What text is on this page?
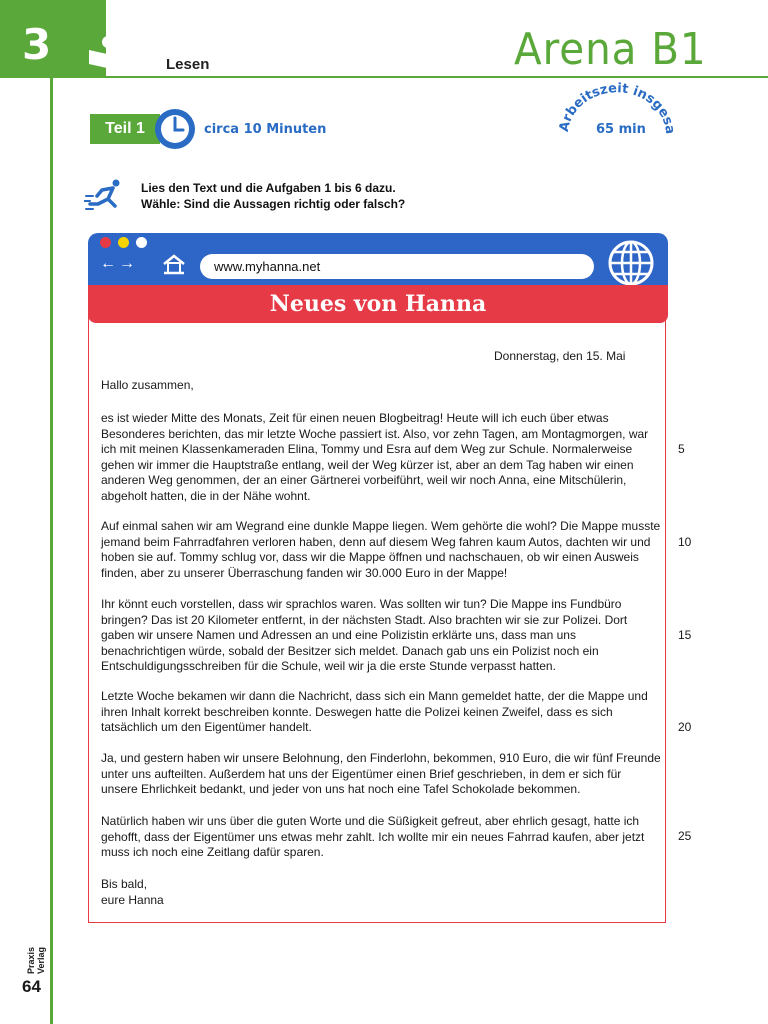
3	Lesen	Arena B1
Teil 1	circa 10 Minuten	Arbeitszeit insgesa
65 min
Lies den Text und die Aufgaben 1 bis 6 dazu.
Wähle: Sind die Aussagen richtig oder falsch?
←→	www.myhanna.net
Neues von Hanna
Donnerstag, den 15. Mai
Hallo zusammen,

es ist wieder Mitte des Monats, Zeit für einen neuen Blogbeitrag! Heute will ich euch über etwas Besonderes berichten, das mir letzte Woche passiert ist. Also, vor zehn Tagen, am Montagmorgen, war ich mit meinen Klassenkameraden Elina, Tommy und Esra auf dem Weg zur Schule. Normalerweise gehen wir immer die Hauptstraße entlang, weil der Weg kürzer ist, aber an dem Tag haben wir einen anderen Weg genommen, der an einer Gärtnerei vorbeiführt, weil wir noch Anna, eine Mitschülerin, abgeholt hatten, die in der Nähe wohnt.

Auf einmal sahen wir am Wegrand eine dunkle Mappe liegen. Wem gehörte die wohl? Die Mappe musste jemand beim Fahrradfahren verloren haben, denn auf diesem Weg fahren kaum Autos, dachten wir und hoben sie auf. Tommy schlug vor, dass wir die Mappe öffnen und nachschauen, ob wir einen Ausweis finden, aber zu unserer Überraschung fanden wir 30.000 Euro in der Mappe!

Ihr könnt euch vorstellen, dass wir sprachlos waren. Was sollten wir tun? Die Mappe ins Fundbüro bringen? Das ist 20 Kilometer entfernt, in der nächsten Stadt. Also brachten wir sie zur Polizei. Dort gaben wir unsere Namen und Adressen an und eine Polizistin erklärte uns, dass man uns benachrichtigen würde, sobald der Besitzer sich meldet. Danach gab uns ein Polizist noch ein Entschuldigungsschreiben für die Schule, weil wir ja die erste Stunde verpasst hatten.

Letzte Woche bekamen wir dann die Nachricht, dass sich ein Mann gemeldet hatte, der die Mappe und ihren Inhalt korrekt beschreiben konnte. Deswegen hatte die Polizei keinen Zweifel, dass es sich tatsächlich um den Eigentümer handelt.

Ja, und gestern haben wir unsere Belohnung, den Finderlohn, bekommen, 910 Euro, die wir fünf Freunde unter uns aufteilten. Außerdem hat uns der Eigentümer einen Brief geschrieben, in dem er sich für unsere Ehrlichkeit bedankt, und jeder von uns hat noch eine Tafel Schokolade bekommen.

Natürlich haben wir uns über die guten Worte und die Süßigkeit gefreut, aber ehrlich gesagt, hatte ich gehofft, dass der Eigentümer uns etwas mehr zahlt. Ich wollte mir ein neues Fahrrad kaufen, aber jetzt muss ich noch eine Zeitlang dafür sparen.

Bis bald,
eure Hanna
5
10
15
20
25
Praxis Verlag
64
